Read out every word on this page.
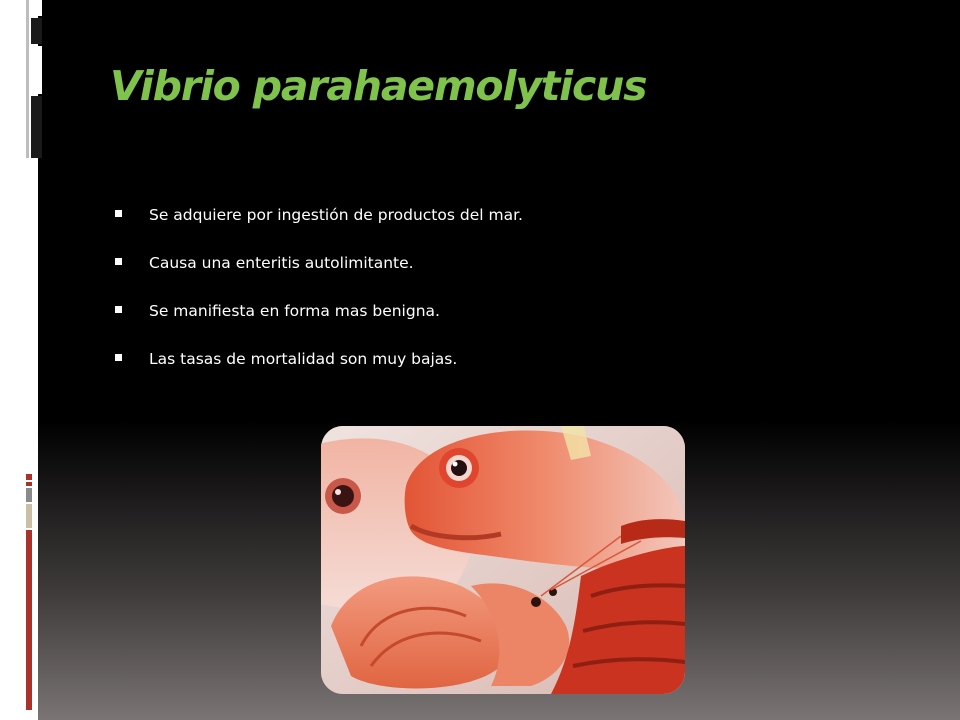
Vibrio parahaemolyticus
Se adquiere por ingestión de productos del mar.
Causa una enteritis autolimitante.
Se manifiesta en forma mas benigna.
Las tasas de mortalidad son muy bajas.
